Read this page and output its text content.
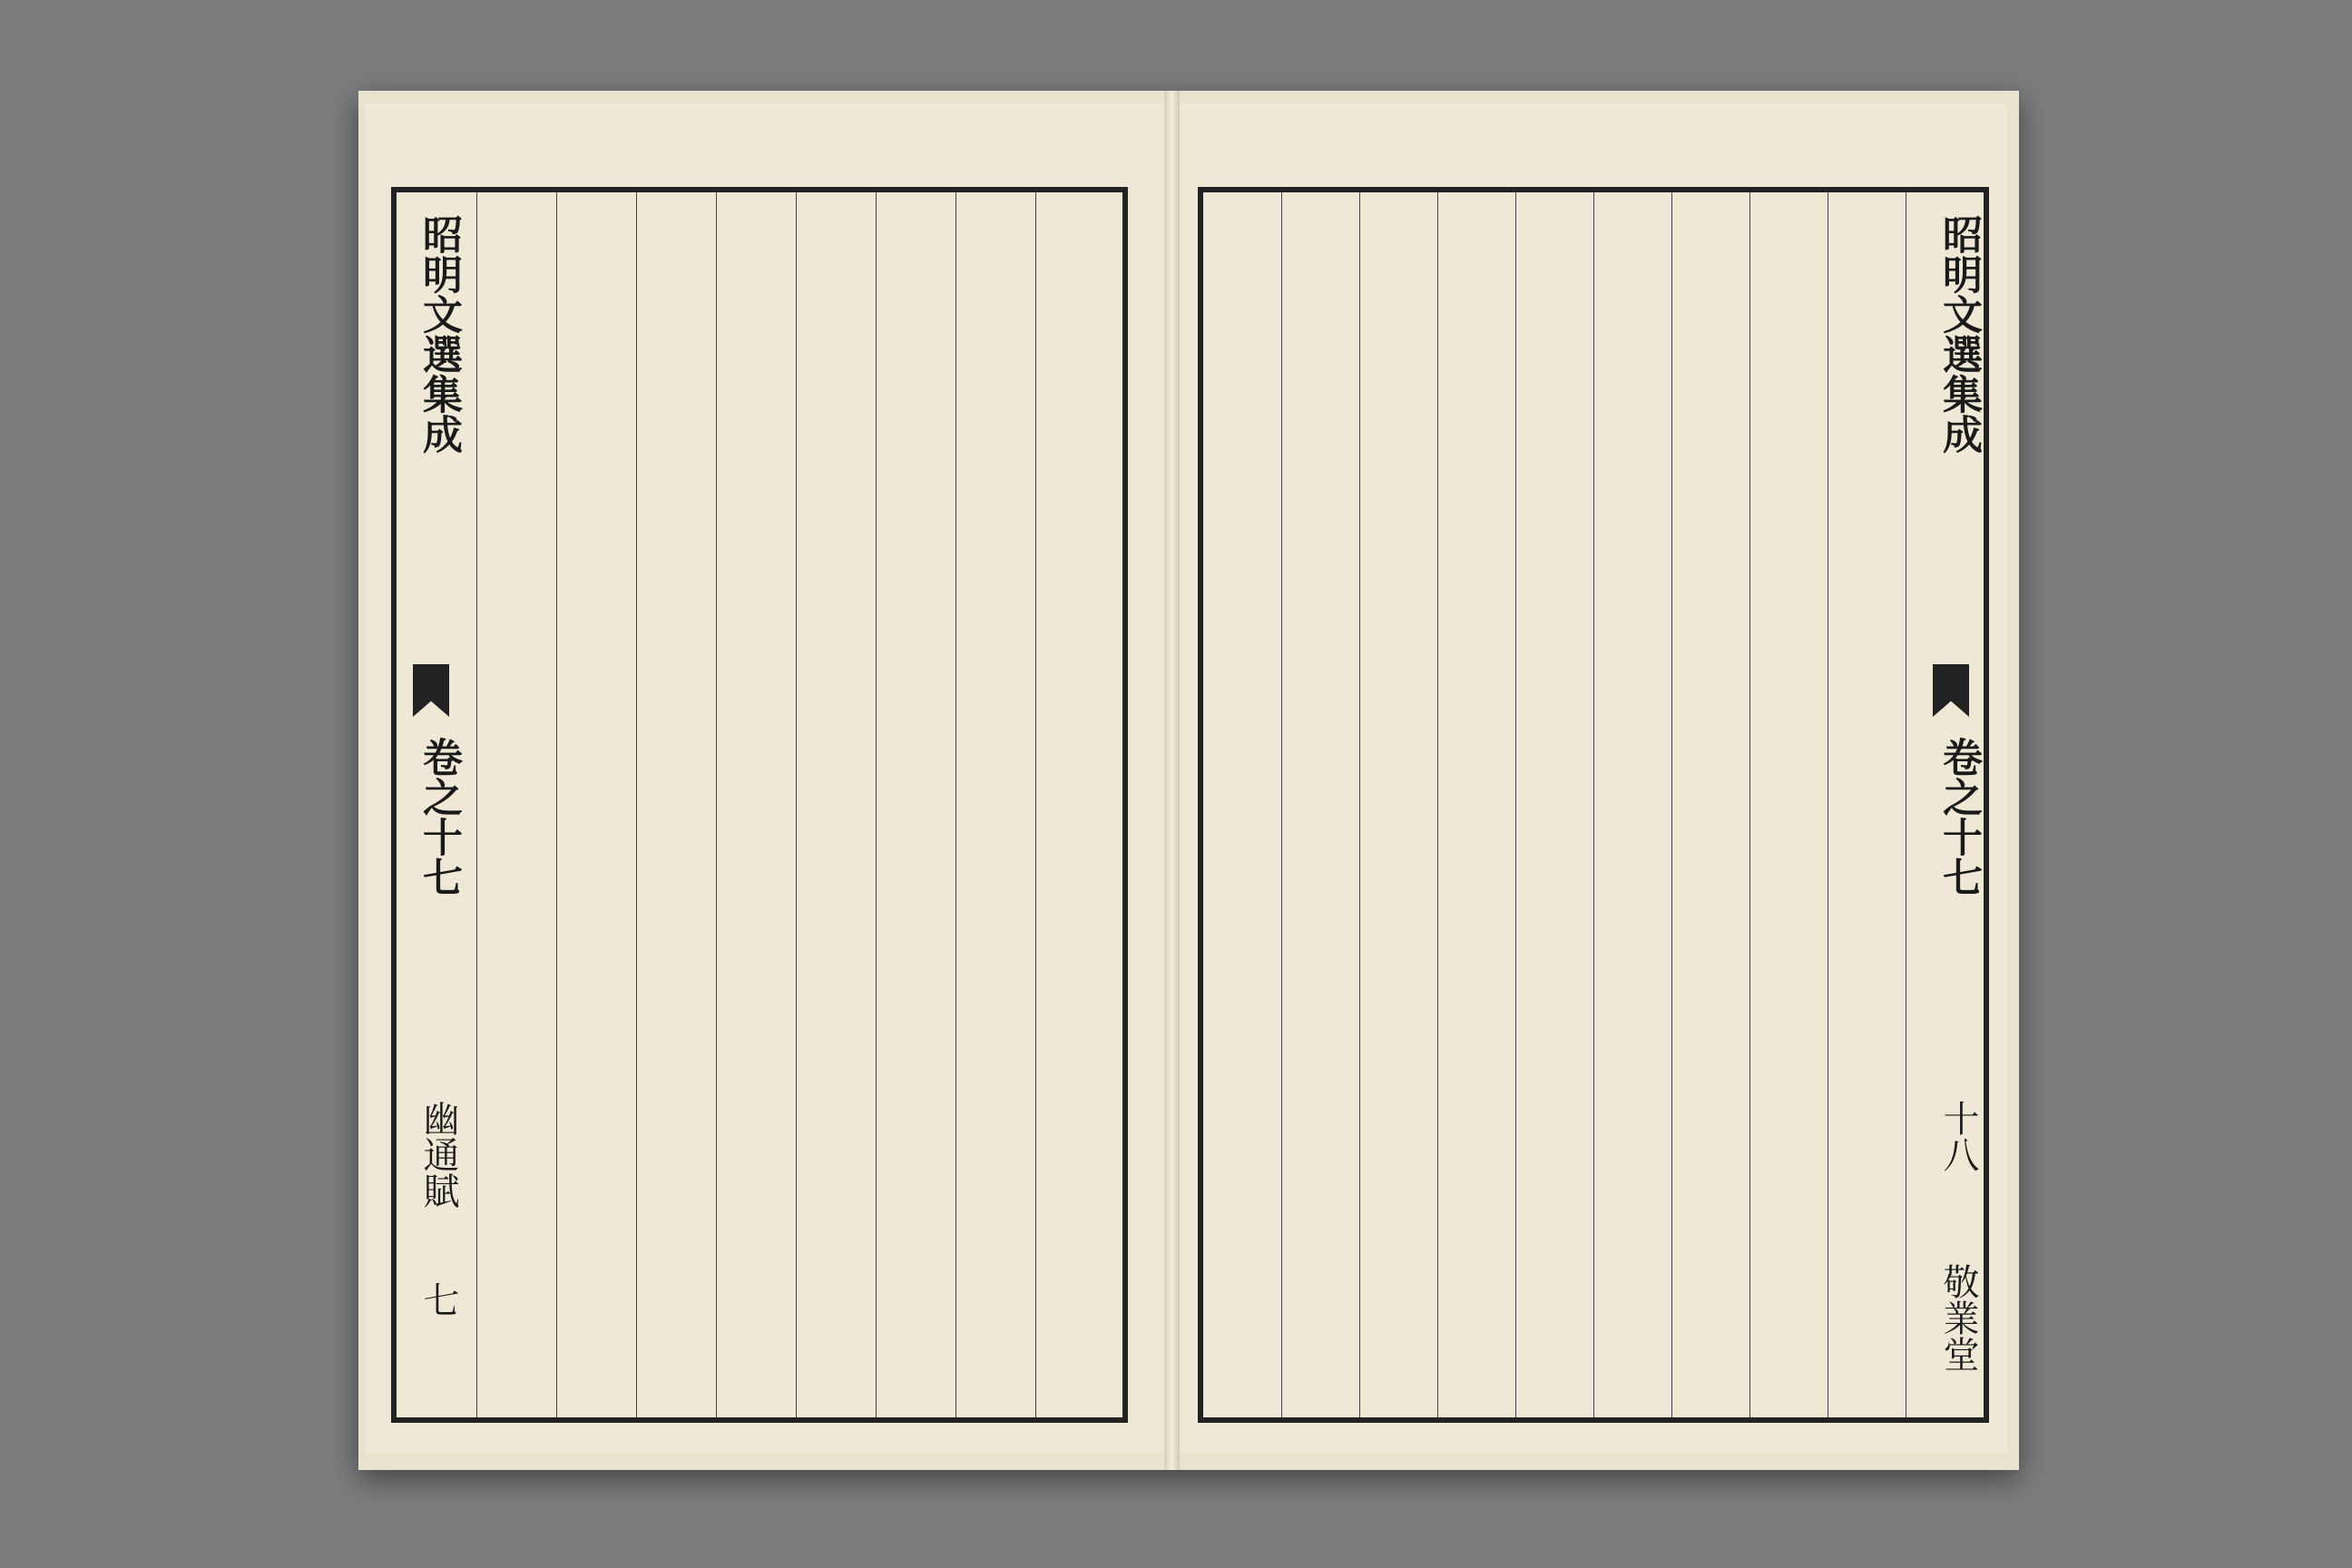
昭明文選集成
卷之十七
幽通賦
七
昭明文選集成
卷之十七
十八
敬業堂
